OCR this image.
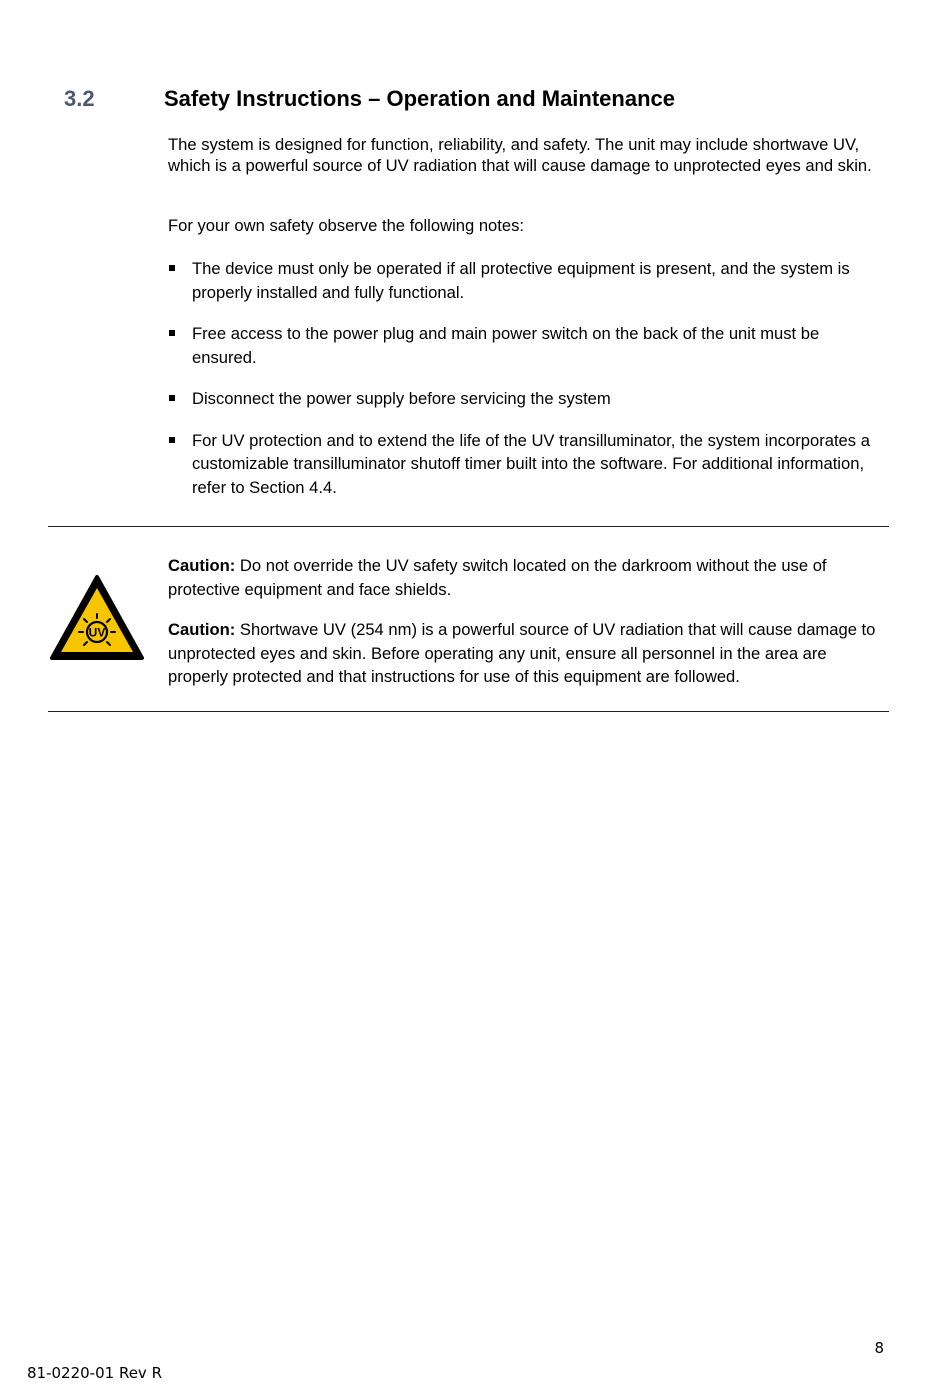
3.2	Safety Instructions – Operation and Maintenance

The system is designed for function, reliability, and safety. The unit may include shortwave UV, which is a powerful source of UV radiation that will cause damage to unprotected eyes and skin.

For your own safety observe the following notes:

The device must only be operated if all protective equipment is present, and the system is properly installed and fully functional.
Free access to the power plug and main power switch on the back of the unit must be ensured.
Disconnect the power supply before servicing the system
For UV protection and to extend the life of the UV transilluminator, the system incorporates a customizable transilluminator shutoff timer built into the software. For additional information, refer to Section 4.4.
UV

Caution: Do not override the UV safety switch located on the darkroom without the use of protective equipment and face shields.

Caution: Shortwave UV (254 nm) is a powerful source of UV radiation that will cause damage to unprotected eyes and skin. Before operating any unit, ensure all personnel in the area are properly protected and that instructions for use of this equipment are followed.

8
81-0220-01 Rev R
